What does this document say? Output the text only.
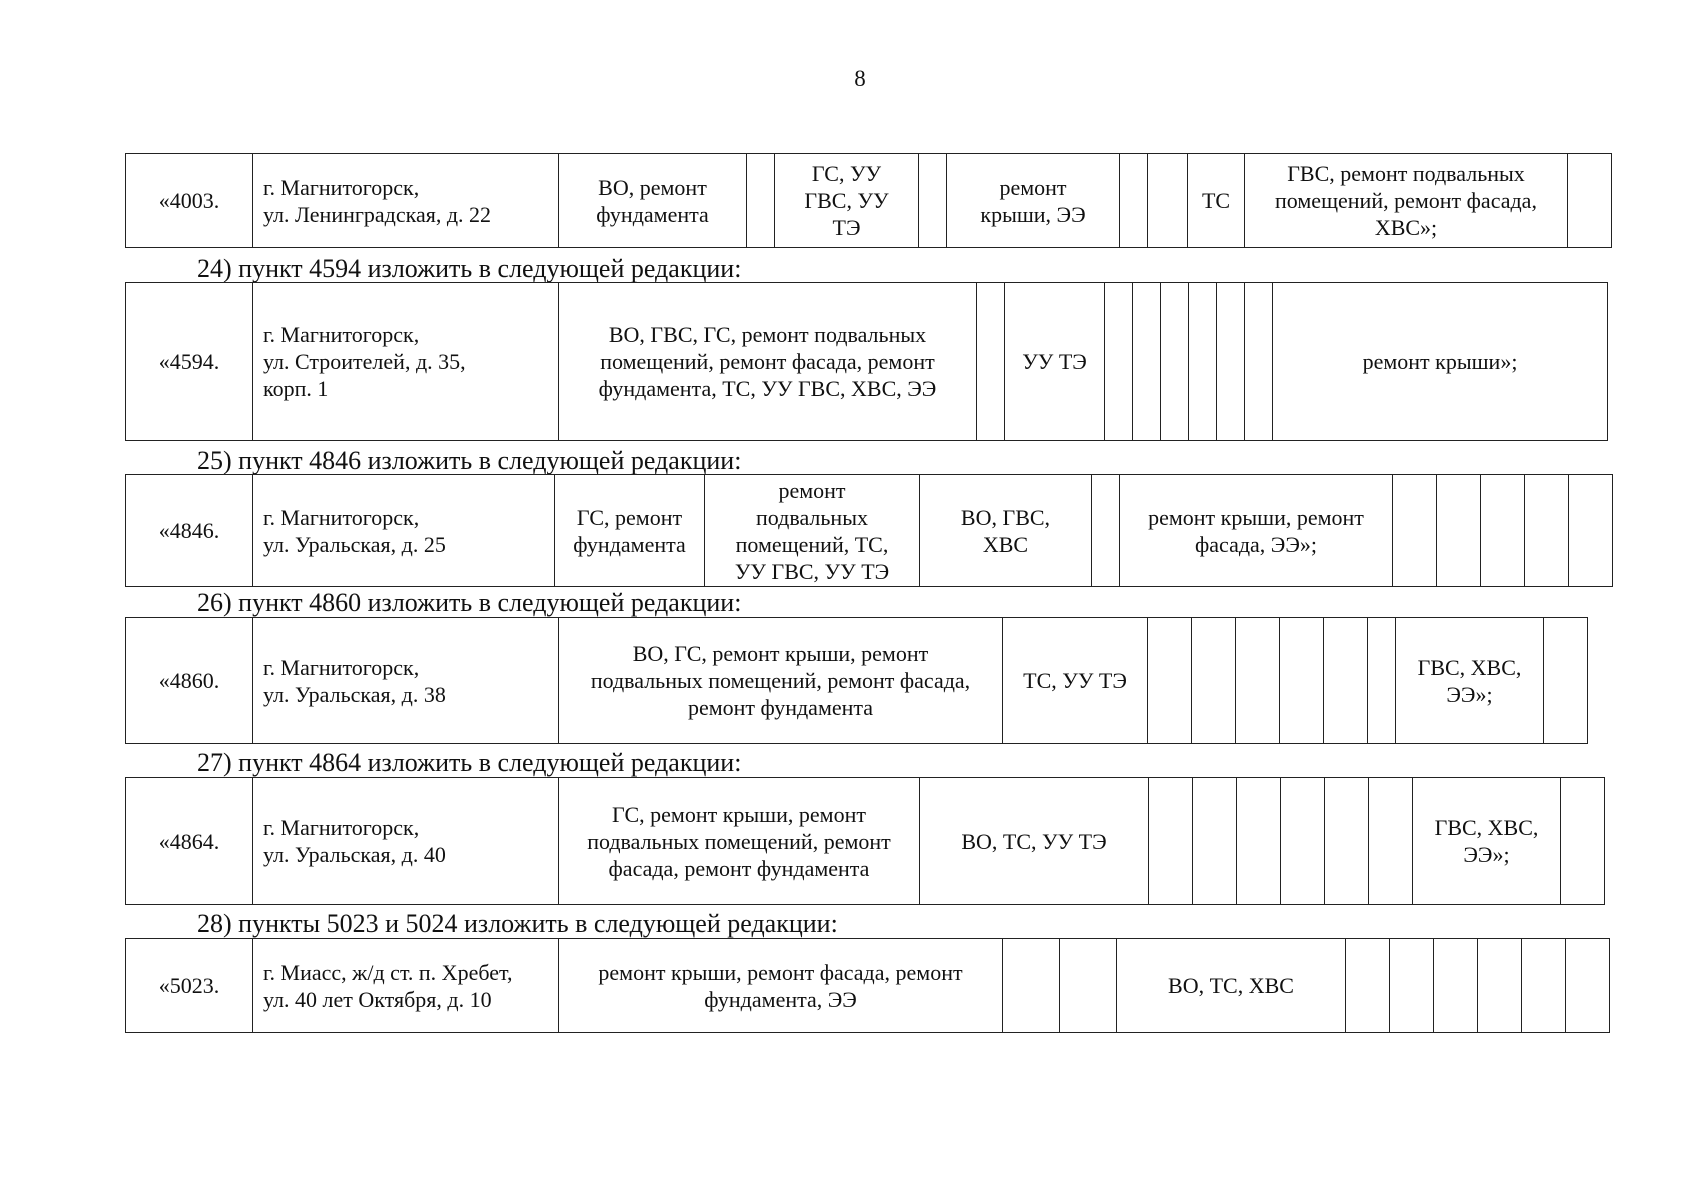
8
«4003.	г. Магнитогорск,
ул. Ленинградская, д. 22	ВО, ремонт
фундамента		ГС, УУ
ГВС, УУ
ТЭ		ремонт
крыши, ЭЭ			ТС	ГВС, ремонт подвальных
помещений, ремонт фасада,
ХВС»;	
24) пункт 4594 изложить в следующей редакции:
«4594.	г. Магнитогорск,
ул. Строителей, д. 35,
корп. 1	ВО, ГВС, ГС, ремонт подвальных
помещений, ремонт фасада, ремонт
фундамента, ТС, УУ ГВС, ХВС, ЭЭ		УУ ТЭ							ремонт крыши»;
25) пункт 4846 изложить в следующей редакции:
«4846.	г. Магнитогорск,
ул. Уральская, д. 25	ГС, ремонт
фундамента	ремонт
подвальных
помещений, ТС,
УУ ГВС, УУ ТЭ	ВО, ГВС,
ХВС		ремонт крыши, ремонт
фасада, ЭЭ»;					
26) пункт 4860 изложить в следующей редакции:
«4860.	г. Магнитогорск,
ул. Уральская, д. 38	ВО, ГС, ремонт крыши, ремонт
подвальных помещений, ремонт фасада,
ремонт фундамента	ТС, УУ ТЭ							ГВС, ХВС,
ЭЭ»;	
27) пункт 4864 изложить в следующей редакции:
«4864.	г. Магнитогорск,
ул. Уральская, д. 40	ГС, ремонт крыши, ремонт
подвальных помещений, ремонт
фасада, ремонт фундамента	ВО, ТС, УУ ТЭ							ГВС, ХВС,
ЭЭ»;	
28) пункты 5023 и 5024 изложить в следующей редакции:
«5023.	г. Миасс, ж/д ст. п. Хребет,
ул. 40 лет Октября, д. 10	ремонт крыши, ремонт фасада, ремонт
фундамента, ЭЭ			ВО, ТС, ХВС						
